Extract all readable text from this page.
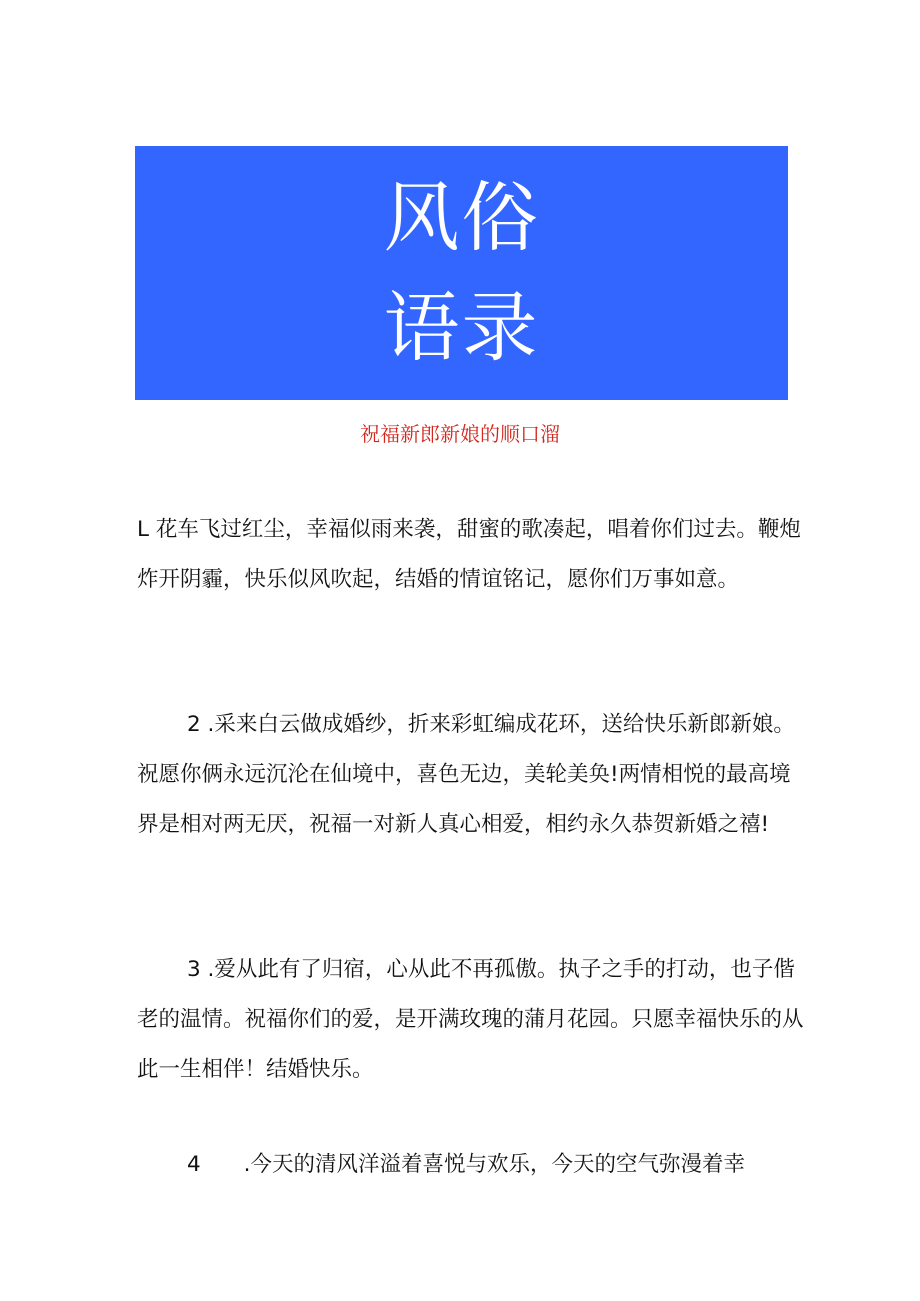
风俗
语录
祝福新郎新娘的顺口溜

L 花车飞过红尘，幸福似雨来袭，甜蜜的歌凑起，唱着你们过去。鞭炮炸开阴霾，快乐似风吹起，结婚的情谊铭记，愿你们万事如意。

2 .采来白云做成婚纱，折来彩虹编成花环，送给快乐新郎新娘。祝愿你俩永远沉沦在仙境中，喜色无边，美轮美奂!两情相悦的最高境界是相对两无厌，祝福一对新人真心相爱，相约永久恭贺新婚之禧!

3 .爱从此有了归宿，心从此不再孤傲。执子之手的打动，也子偕老的温情。祝福你们的爱，是开满玫瑰的蒲月花园。只愿幸福快乐的从此一生相伴！结婚快乐。

4　　.今天的清风洋溢着喜悦与欢乐，今天的空气弥漫着幸
